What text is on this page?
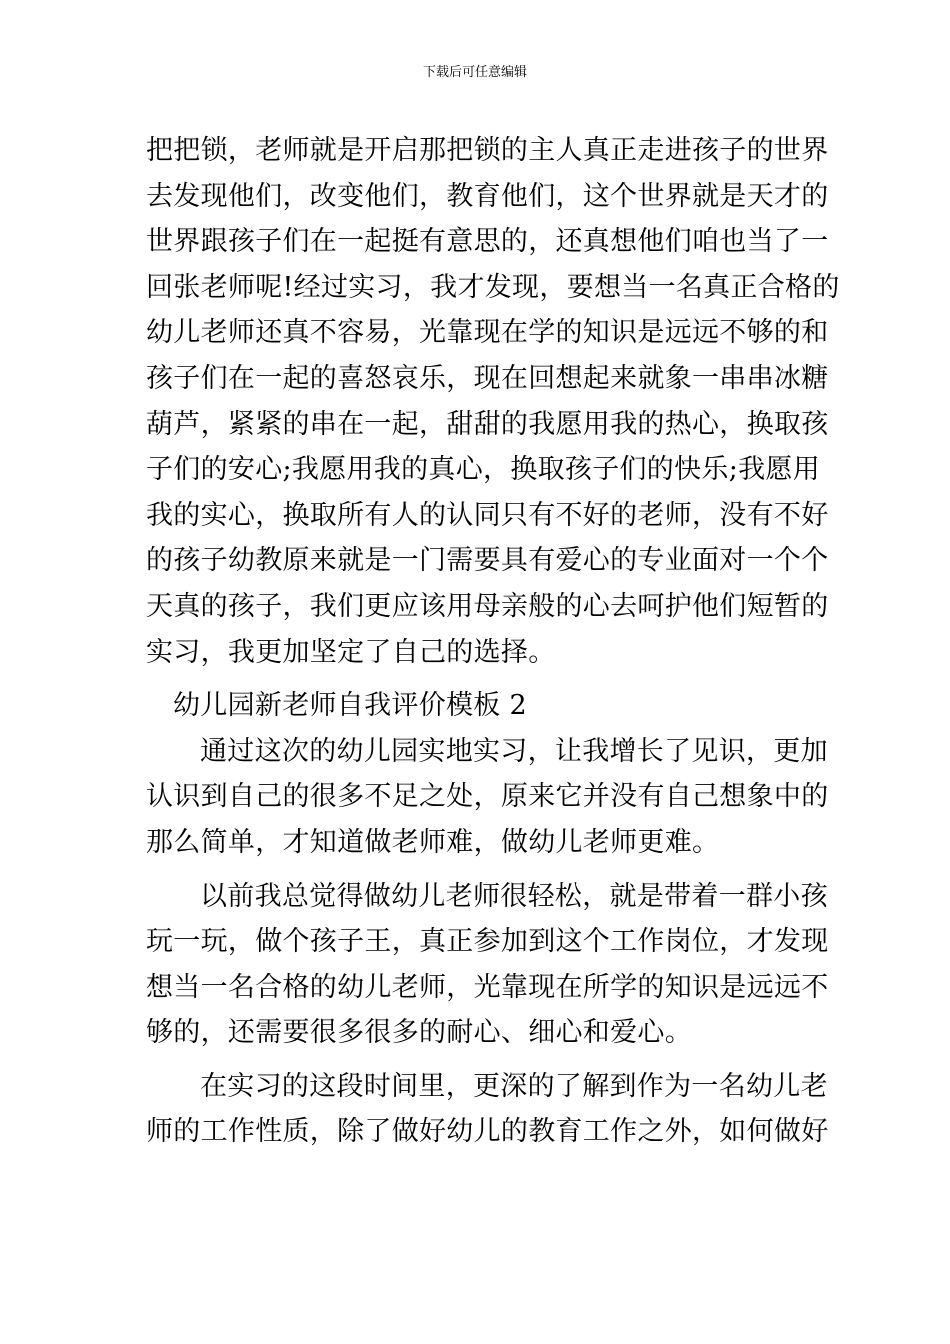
下载后可任意编辑

把把锁，老师就是开启那把锁的主人真正走进孩子的世界
去发现他们，改变他们，教育他们，这个世界就是天才的
世界跟孩子们在一起挺有意思的，还真想他们咱也当了一
回张老师呢!经过实习，我才发现，要想当一名真正合格的
幼儿老师还真不容易，光靠现在学的知识是远远不够的和
孩子们在一起的喜怒哀乐，现在回想起来就象一串串冰糖
葫芦，紧紧的串在一起，甜甜的我愿用我的热心，换取孩
子们的安心;我愿用我的真心，换取孩子们的快乐;我愿用
我的实心，换取所有人的认同只有不好的老师，没有不好
的孩子幼教原来就是一门需要具有爱心的专业面对一个个
天真的孩子，我们更应该用母亲般的心去呵护他们短暂的
实习，我更加坚定了自己的选择。

幼儿园新老师自我评价模板 2

通过这次的幼儿园实地实习，让我增长了见识，更加
认识到自己的很多不足之处，原来它并没有自己想象中的
那么简单，才知道做老师难，做幼儿老师更难。

以前我总觉得做幼儿老师很轻松，就是带着一群小孩
玩一玩，做个孩子王，真正参加到这个工作岗位，才发现
想当一名合格的幼儿老师，光靠现在所学的知识是远远不
够的，还需要很多很多的耐心、细心和爱心。

在实习的这段时间里，更深的了解到作为一名幼儿老
师的工作性质，除了做好幼儿的教育工作之外，如何做好
